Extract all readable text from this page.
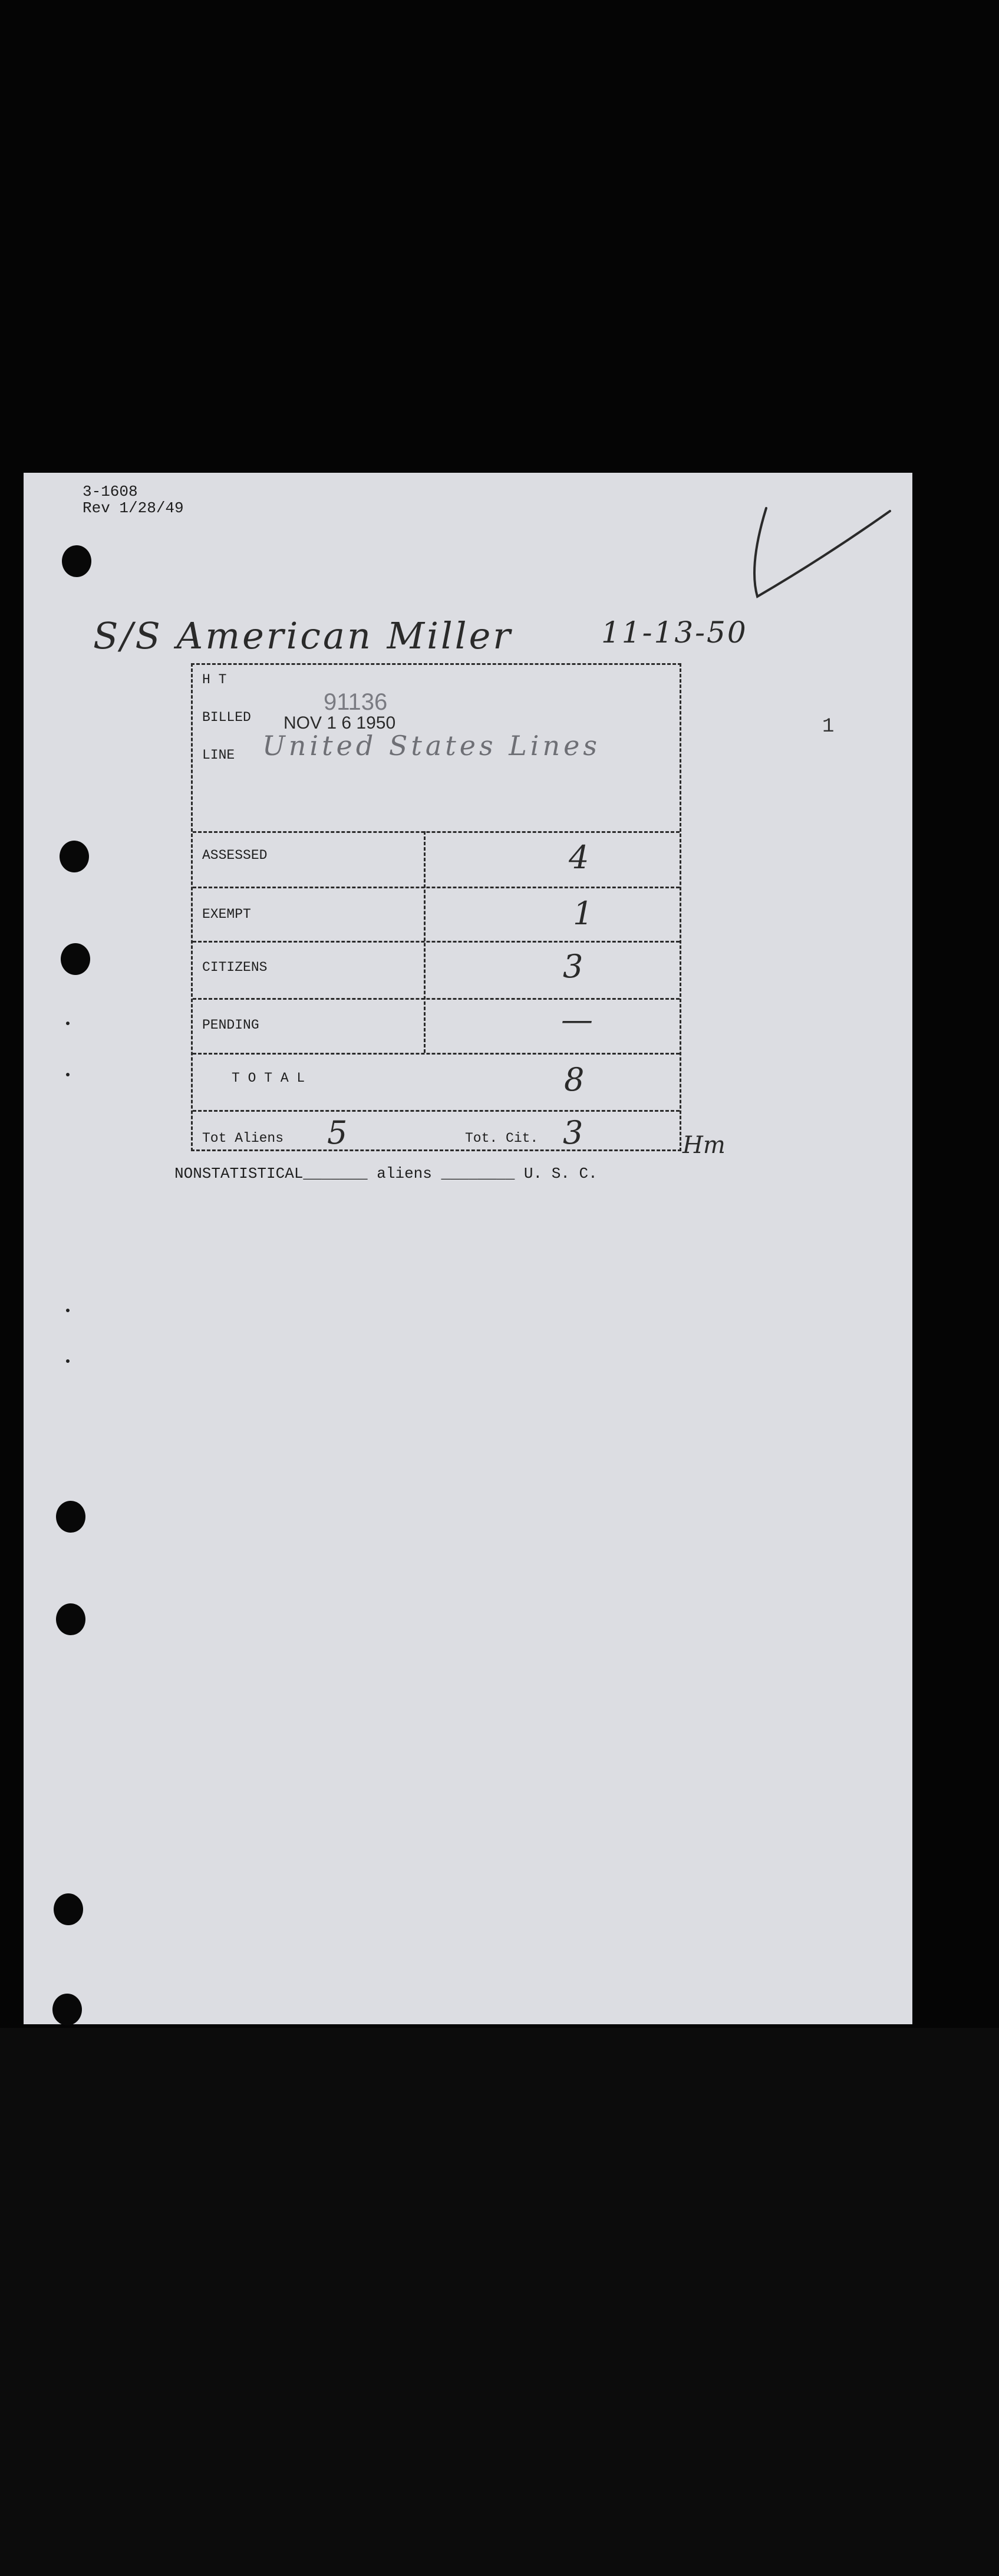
3-1608
Rev 1/28/49
1
S/S American Miller	11-13-50
H T
BILLED
LINE
91136
NOV 1 6 1950
United States Lines
ASSESSED	4
EXEMPT	1
CITIZENS	3
PENDING	—
T O T A L	8
Tot Aliens 5	Tot. Cit. 3	Hm
NONSTATISTICAL_______ aliens ________ U. S. C.
